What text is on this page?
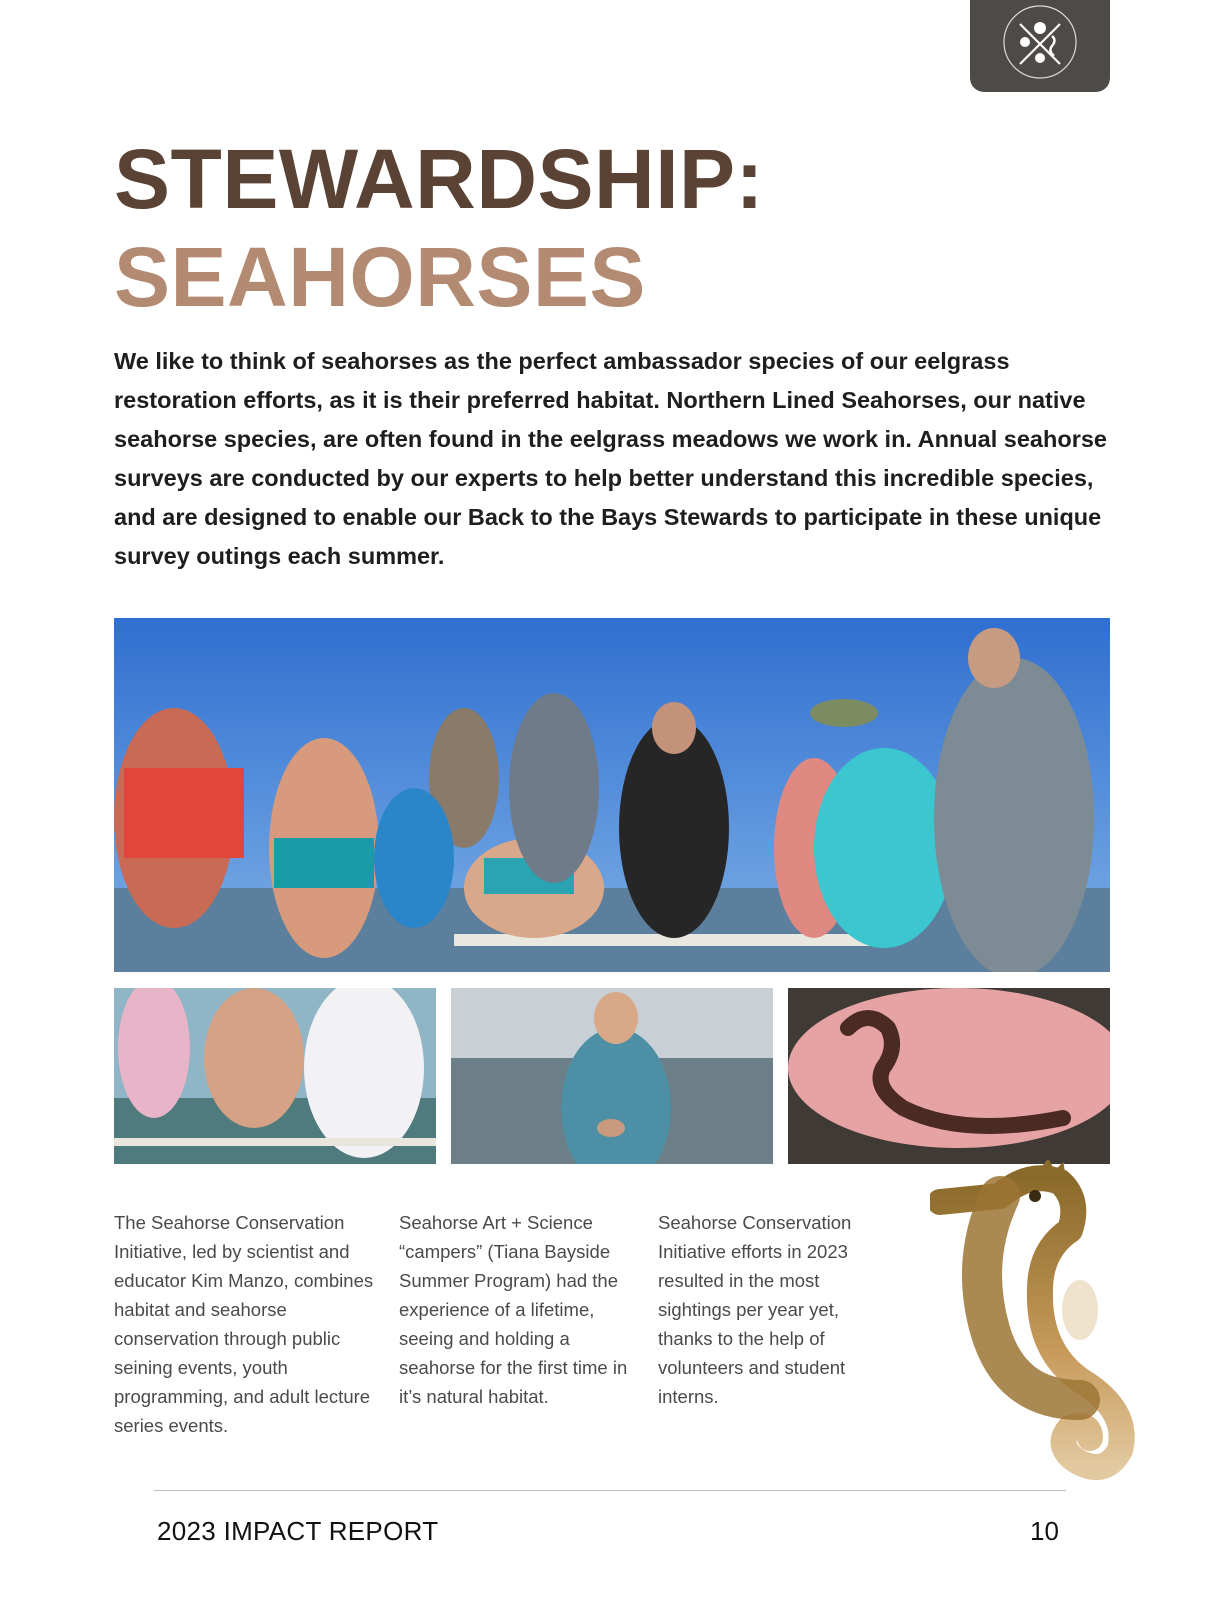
STEWARDSHIP:
SEAHORSES

We like to think of seahorses as the perfect ambassador species of our eelgrass restoration efforts, as it is their preferred habitat. Northern Lined Seahorses, our native seahorse species, are often found in the eelgrass meadows we work in. Annual seahorse surveys are conducted by our experts to help better understand this incredible species, and are designed to enable our Back to the Bays Stewards to participate in these unique survey outings each summer.

The Seahorse Conservation Initiative, led by scientist and educator Kim Manzo, combines habitat and seahorse conservation through public seining events, youth programming, and adult lecture series events.

Seahorse Art + Science “campers” (Tiana Bayside Summer Program) had the experience of a lifetime, seeing and holding a seahorse for the first time in it’s natural habitat.

Seahorse Conservation Initiative efforts in 2023 resulted in the most sightings per year yet, thanks to the help of volunteers and student interns.

2023 IMPACT REPORT	10
